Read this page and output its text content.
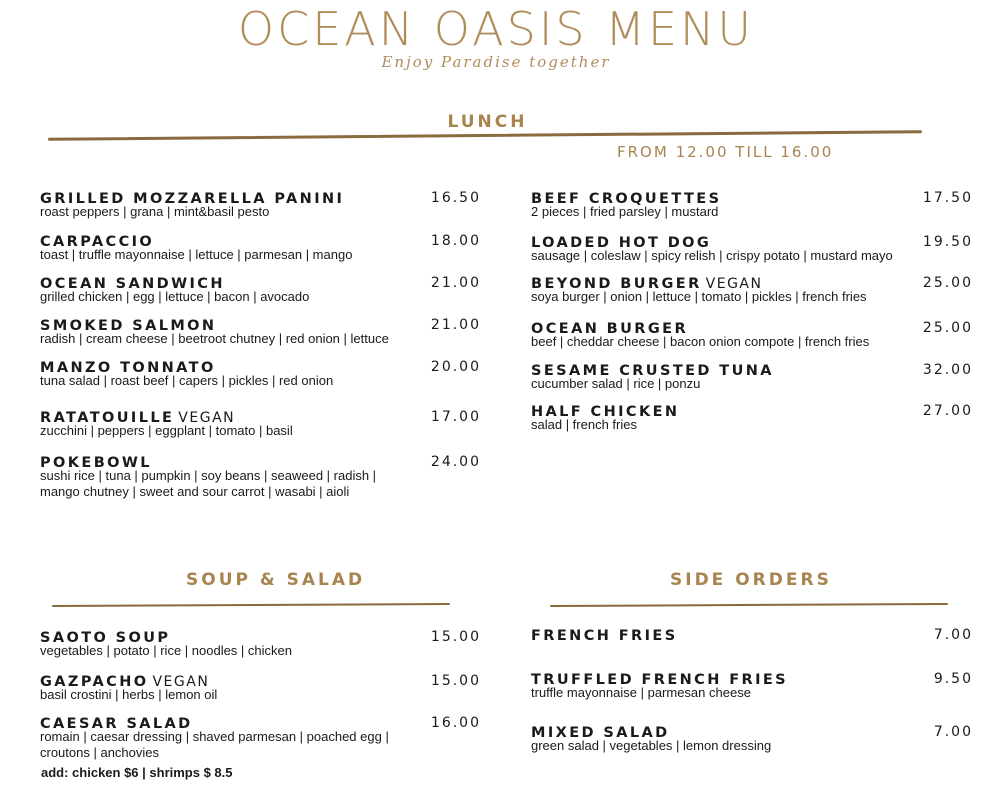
OCEAN OASIS MENU
Enjoy Paradise together
LUNCH
FROM 12.00 TILL 16.00
GRILLED MOZZARELLA PANINI
roast peppers | grana | mint&basil pesto
16.50
CARPACCIO
toast | truffle mayonnaise | lettuce | parmesan | mango
18.00
OCEAN SANDWICH
grilled chicken | egg | lettuce | bacon | avocado
21.00
SMOKED SALMON
radish | cream cheese | beetroot chutney | red onion | lettuce
21.00
MANZO TONNATO
tuna salad | roast beef | capers | pickles | red onion
20.00
RATATOUILLE VEGAN
zucchini | peppers | eggplant | tomato | basil
17.00
POKEBOWL
sushi rice | tuna | pumpkin | soy beans | seaweed | radish |
mango chutney | sweet and sour carrot | wasabi | aioli
24.00
BEEF CROQUETTES
2 pieces | fried parsley | mustard
17.50
LOADED HOT DOG
sausage | coleslaw | spicy relish | crispy potato | mustard mayo
19.50
BEYOND BURGER VEGAN
soya burger | onion | lettuce | tomato | pickles | french fries
25.00
OCEAN BURGER
beef | cheddar cheese | bacon onion compote | french fries
25.00
SESAME CRUSTED TUNA
cucumber salad | rice | ponzu
32.00
HALF CHICKEN
salad | french fries
27.00
SOUP & SALAD	SIDE ORDERS
SAOTO SOUP
vegetables | potato | rice | noodles | chicken
15.00
GAZPACHO VEGAN
basil crostini | herbs | lemon oil
15.00
CAESAR SALAD
romain | caesar dressing | shaved parmesan | poached egg |
croutons | anchovies
16.00
add: chicken $6 | shrimps $ 8.5
FRENCH FRIES	7.00
TRUFFLED FRENCH FRIES
truffle mayonnaise | parmesan cheese
9.50
MIXED SALAD
green salad | vegetables | lemon dressing
7.00
